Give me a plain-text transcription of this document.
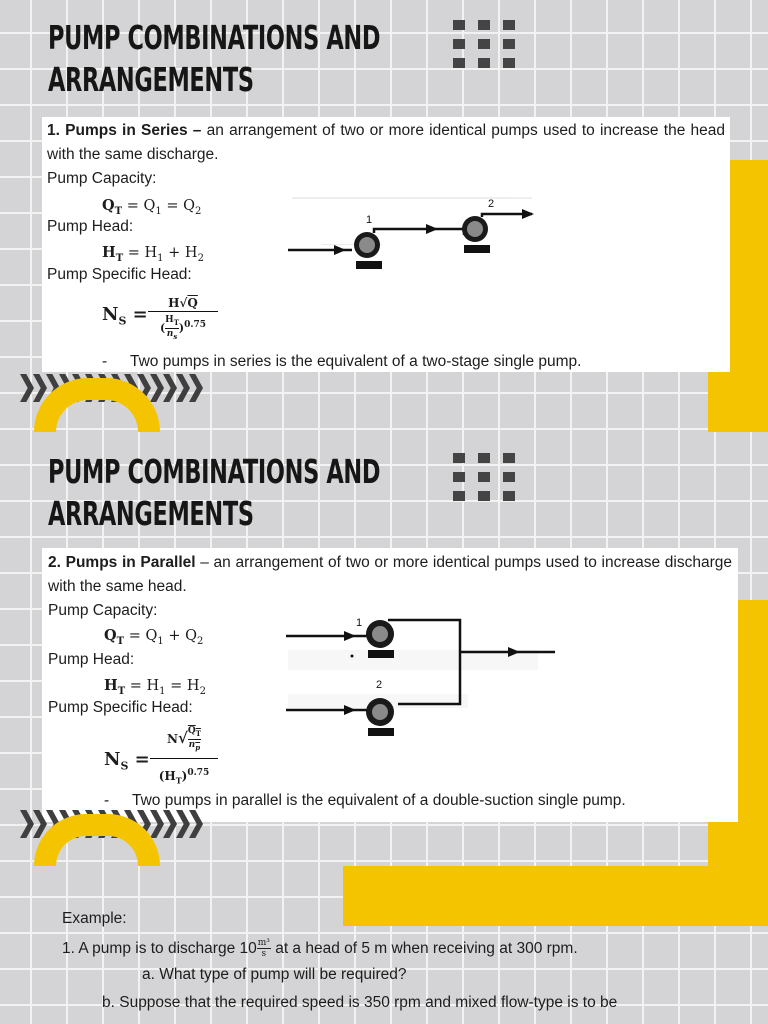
PUMP COMBINATIONS AND
ARRANGEMENTS

1. Pumps in Series – an arrangement of two or more identical pumps used to increase the head with the same discharge.

Pump Capacity:

$Q_T = Q_1 = Q_2$

Pump Head:

$H_T = H_1 + H_2$

Pump Specific Head:

$N_S$ =
H√Q
( $\frac{H_T}{n_s} )^{0.75}$
1
2
- Two pumps in series is the equivalent of a two-stage single pump.
PUMP COMBINATIONS AND
ARRANGEMENTS

2. Pumps in Parallel – an arrangement of two or more identical pumps used to increase discharge with the same head.

Pump Capacity:

$Q_T = Q_1 + Q_2$

Pump Head:

$H_T = H_1 = H_2$

Pump Specific Head:

$N_S$ =
$N√ \frac{Q_T}{n_p}$
$(H_T)^{0.75}$
1
2
- Two pumps in parallel is the equivalent of a double-suction single pump.

Example:

1. A pump is to discharge $10 \frac{\text{m³}}{s}$ at a head of 5 m when receiving at 300 rpm.

a. What type of pump will be required?

b. Suppose that the required speed is 350 rpm and mixed flow-type is to be
